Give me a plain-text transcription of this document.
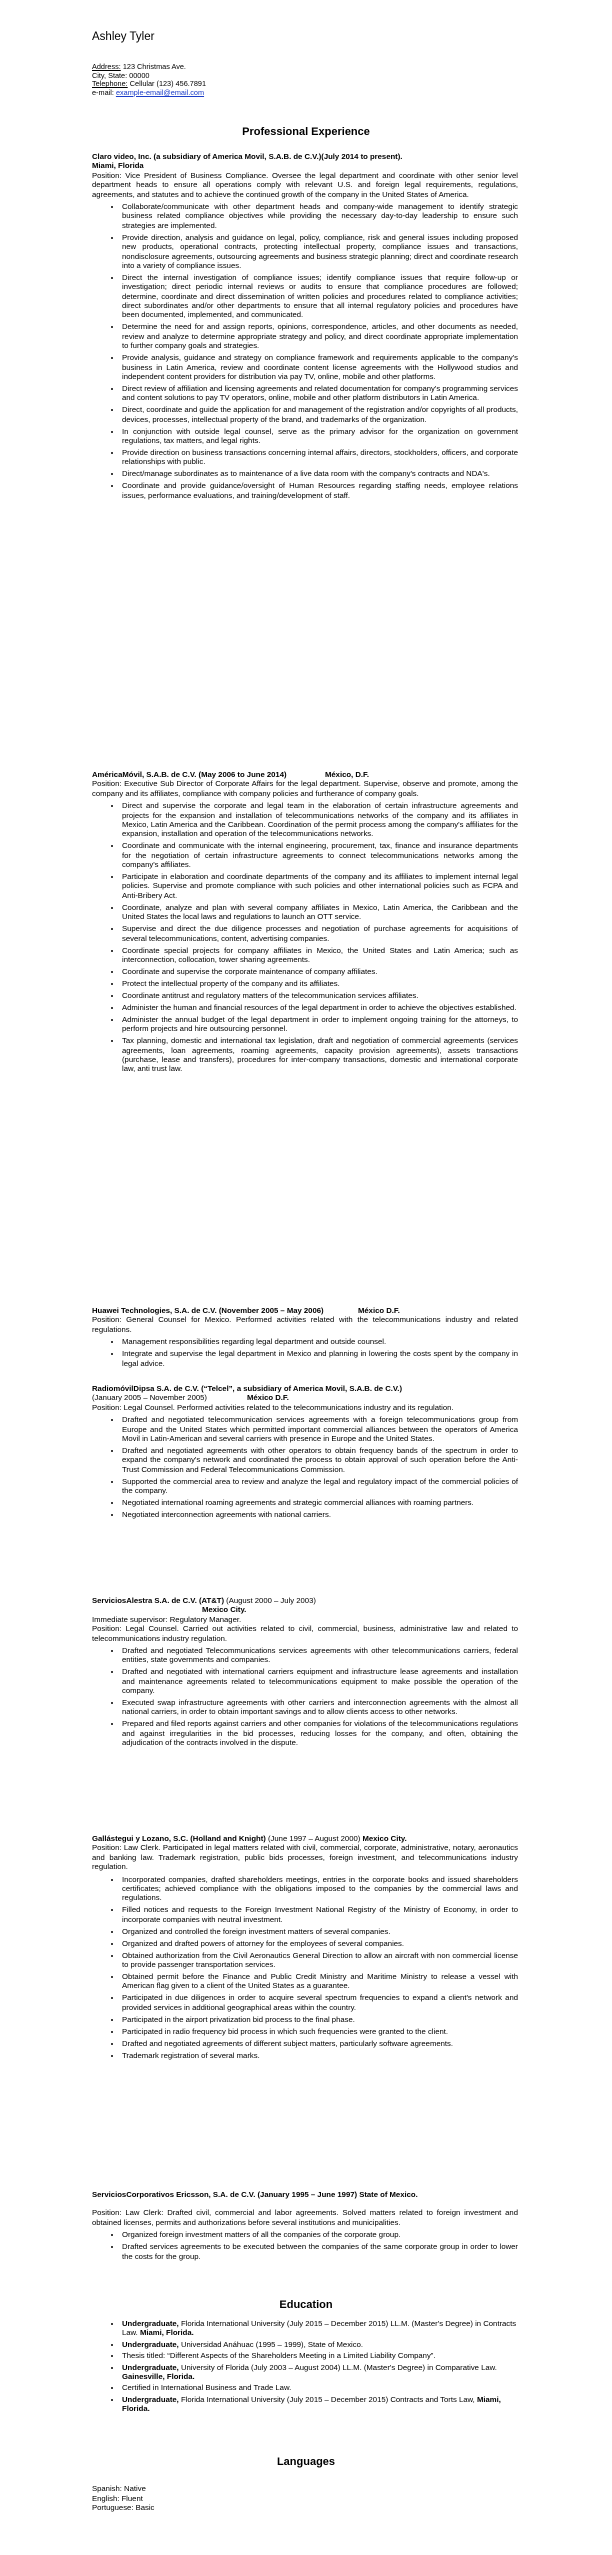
Ashley Tyler
Address: 123 Christmas Ave.
City, State: 00000
Telephone: Cellular (123) 456.7891
e-mail: example-email@email.com
Professional Experience

Claro video, Inc. (a subsidiary of America Movil, S.A.B. de C.V.)(July 2014 to present).

Miami, Florida

Position: Vice President of Business Compliance. Oversee the legal department and coordinate with other senior level department heads to ensure all operations comply with relevant U.S. and foreign legal requirements, regulations, agreements, and statutes and to achieve the continued growth of the company in the United States of America.

• Collaborate/communicate with other department heads and company-wide management to identify strategic business related compliance objectives while providing the necessary day-to-day leadership to ensure such strategies are implemented.
• Provide direction, analysis and guidance on legal, policy, compliance, risk and general issues including proposed new products, operational contracts, protecting intellectual property, compliance issues and transactions, nondisclosure agreements, outsourcing agreements and business strategic planning; direct and coordinate research into a variety of compliance issues.
• Direct the internal investigation of compliance issues; identify compliance issues that require follow-up or investigation; direct periodic internal reviews or audits to ensure that compliance procedures are followed; determine, coordinate and direct dissemination of written policies and procedures related to compliance activities; direct subordinates and/or other departments to ensure that all internal regulatory policies and procedures have been documented, implemented, and communicated.
• Determine the need for and assign reports, opinions, correspondence, articles, and other documents as needed, review and analyze to determine appropriate strategy and policy, and direct coordinate appropriate implementation to further company goals and strategies.
• Provide analysis, guidance and strategy on compliance framework and requirements applicable to the company's business in Latin America, review and coordinate content license agreements with the Hollywood studios and independent content providers for distribution via pay TV, online, mobile and other platforms.
• Direct review of affiliation and licensing agreements and related documentation for company's programming services and content solutions to pay TV operators, online, mobile and other platform distributors in Latin America.
• Direct, coordinate and guide the application for and management of the registration and/or copyrights of all products, devices, processes, intellectual property of the brand, and trademarks of the organization.
• In conjunction with outside legal counsel, serve as the primary advisor for the organization on government regulations, tax matters, and legal rights.
• Provide direction on business transactions concerning internal affairs, directors, stockholders, officers, and corporate relationships with public.
• Direct/manage subordinates as to maintenance of a live data room with the company's contracts and NDA's.
• Coordinate and provide guidance/oversight of Human Resources regarding staffing needs, employee relations issues, performance evaluations, and training/development of staff.

AméricaMóvil, S.A.B. de C.V. (May 2006 to June 2014)	México, D.F.

Position: Executive Sub Director of Corporate Affairs for the legal department. Supervise, observe and promote, among the company and its affiliates, compliance with company policies and furtherance of company goals.

• Direct and supervise the corporate and legal team in the elaboration of certain infrastructure agreements and projects for the expansion and installation of telecommunications networks of the company and its affiliates in Mexico, Latin America and the Caribbean. Coordination of the permit process among the company's affiliates for the expansion, installation and operation of the telecommunications networks.
• Coordinate and communicate with the internal engineering, procurement, tax, finance and insurance departments for the negotiation of certain infrastructure agreements to connect telecommunications networks among the company's affiliates.
• Participate in elaboration and coordinate departments of the company and its affiliates to implement internal legal policies. Supervise and promote compliance with such policies and other international policies such as FCPA and Anti-Bribery Act.
• Coordinate, analyze and plan with several company affiliates in Mexico, Latin America, the Caribbean and the United States the local laws and regulations to launch an OTT service.
• Supervise and direct the due diligence processes and negotiation of purchase agreements for acquisitions of several telecommunications, content, advertising companies.
• Coordinate special projects for company affiliates in Mexico, the United States and Latin America; such as interconnection, collocation, tower sharing agreements.
• Coordinate and supervise the corporate maintenance of company affiliates.
• Protect the intellectual property of the company and its affiliates.
• Coordinate antitrust and regulatory matters of the telecommunication services affiliates.
• Administer the human and financial resources of the legal department in order to achieve the objectives established.
• Administer the annual budget of the legal department in order to implement ongoing training for the attorneys, to perform projects and hire outsourcing personnel.
• Tax planning, domestic and international tax legislation, draft and negotiation of commercial agreements (services agreements, loan agreements, roaming agreements, capacity provision agreements), assets transactions (purchase, lease and transfers), procedures for inter-company transactions, domestic and international corporate law, anti trust law.

Huawei Technologies, S.A. de C.V. (November 2005 – May 2006)	México D.F.

Position: General Counsel for Mexico. Performed activities related with the telecommunications industry and related regulations.

• Management responsibilities regarding legal department and outside counsel.
• Integrate and supervise the legal department in Mexico and planning in lowering the costs spent by the company in legal advice.

RadiomóvilDipsa S.A. de C.V. (“Telcel”, a subsidiary of America Movil, S.A.B. de C.V.)

(January 2005 – November 2005)	México D.F.

Position: Legal Counsel. Performed activities related to the telecommunications industry and its regulation.

• Drafted and negotiated telecommunication services agreements with a foreign telecommunications group from Europe and the United States which permitted important commercial alliances between the operators of America Movil in Latin-American and several carriers with presence in Europe and the United States.
• Drafted and negotiated agreements with other operators to obtain frequency bands of the spectrum in order to expand the company's network and coordinated the process to obtain approval of such operation before the Anti-Trust Commission and Federal Telecommunications Commission.
• Supported the commercial area to review and analyze the legal and regulatory impact of the commercial policies of the company.
• Negotiated international roaming agreements and strategic commercial alliances with roaming partners.
• Negotiated interconnection agreements with national carriers.

ServiciosAlestra S.A. de C.V. (AT&T) (August 2000 – July 2003)

Mexico City.

Immediate supervisor: Regulatory Manager.

Position: Legal Counsel. Carried out activities related to civil, commercial, business, administrative law and related to telecommunications industry regulation.

• Drafted and negotiated Telecommunications services agreements with other telecommunications carriers, federal entities, state governments and companies.
• Drafted and negotiated with international carriers equipment and infrastructure lease agreements and installation and maintenance agreements related to telecommunications equipment to make possible the operation of the company.
• Executed swap infrastructure agreements with other carriers and interconnection agreements with the almost all national carriers, in order to obtain important savings and to allow clients access to other networks.
• Prepared and filed reports against carriers and other companies for violations of the telecommunications regulations and against irregularities in the bid processes, reducing losses for the company, and often, obtaining the adjudication of the contracts involved in the dispute.

Gallástegui y Lozano, S.C. (Holland and Knight) (June 1997 – August 2000) Mexico City.

Position: Law Clerk. Participated in legal matters related with civil, commercial, corporate, administrative, notary, aeronautics and banking law. Trademark registration, public bids processes, foreign investment, and telecommunications industry regulation.

• Incorporated companies, drafted shareholders meetings, entries in the corporate books and issued shareholders certificates; achieved compliance with the obligations imposed to the companies by the commercial laws and regulations.
• Filled notices and requests to the Foreign Investment National Registry of the Ministry of Economy, in order to incorporate companies with neutral investment.
• Organized and controlled the foreign investment matters of several companies.
• Organized and drafted powers of attorney for the employees of several companies.
• Obtained authorization from the Civil Aeronautics General Direction to allow an aircraft with non commercial license to provide passenger transportation services.
• Obtained permit before the Finance and Public Credit Ministry and Maritime Ministry to release a vessel with American flag given to a client of the United States as a guarantee.
• Participated in due diligences in order to acquire several spectrum frequencies to expand a client's network and provided services in additional geographical areas within the country.
• Participated in the airport privatization bid process to the final phase.
• Participated in radio frequency bid process in which such frequencies were granted to the client.
• Drafted and negotiated agreements of different subject matters, particularly software agreements.
• Trademark registration of several marks.

ServiciosCorporativos Ericsson, S.A. de C.V. (January 1995 – June 1997) State of Mexico.

Position: Law Clerk: Drafted civil, commercial and labor agreements. Solved matters related to foreign investment and obtained licenses, permits and authorizations before several institutions and municipalities.

• Organized foreign investment matters of all the companies of the corporate group.
• Drafted services agreements to be executed between the companies of the same corporate group in order to lower the costs for the group.
Education
• Undergraduate, Florida International University (July 2015 – December 2015) LL.M. (Master's Degree) in Contracts Law. Miami, Florida.
• Undergraduate, Universidad Anáhuac (1995 – 1999), State of Mexico.
• Thesis titled: “Different Aspects of the Shareholders Meeting in a Limited Liability Company”.
• Undergraduate, University of Florida (July 2003 – August 2004) LL.M. (Master's Degree) in Comparative Law. Gainesville, Florida.
• Certified in International Business and Trade Law.
• Undergraduate, Florida International University (July 2015 – December 2015) Contracts and Torts Law, Miami, Florida.
Languages
Spanish: Native
English: Fluent
Portuguese: Basic
